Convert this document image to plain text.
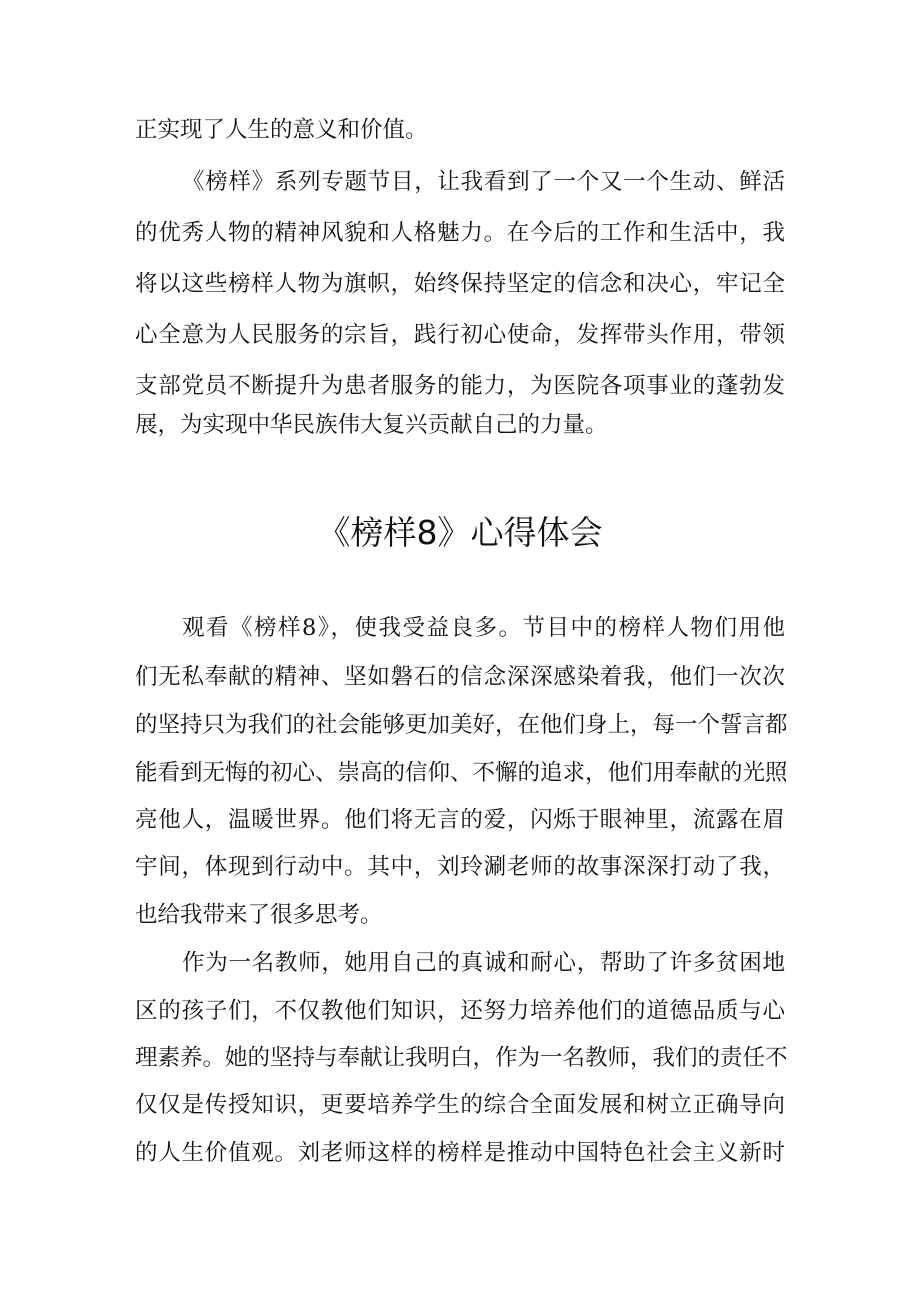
正实现了人生的意义和价值。
《榜样》系列专题节目，让我看到了一个又一个生动、鲜活
的优秀人物的精神风貌和人格魅力。在今后的工作和生活中，我
将以这些榜样人物为旗帜，始终保持坚定的信念和决心，牢记全
心全意为人民服务的宗旨，践行初心使命，发挥带头作用，带领
支部党员不断提升为患者服务的能力，为医院各项事业的蓬勃发
展，为实现中华民族伟大复兴贡献自己的力量。
《榜样8》心得体会
观看《榜样8》，使我受益良多。节目中的榜样人物们用他
们无私奉献的精神、坚如磐石的信念深深感染着我，他们一次次
的坚持只为我们的社会能够更加美好，在他们身上，每一个誓言都
能看到无悔的初心、崇高的信仰、不懈的追求，他们用奉献的光照
亮他人，温暖世界。他们将无言的爱，闪烁于眼神里，流露在眉
宇间，体现到行动中。其中，刘玲涮老师的故事深深打动了我，
也给我带来了很多思考。
作为一名教师，她用自己的真诚和耐心，帮助了许多贫困地
区的孩子们，不仅教他们知识，还努力培养他们的道德品质与心
理素养。她的坚持与奉献让我明白，作为一名教师，我们的责任不
仅仅是传授知识，更要培养学生的综合全面发展和树立正确导向
的人生价值观。刘老师这样的榜样是推动中国特色社会主义新时
